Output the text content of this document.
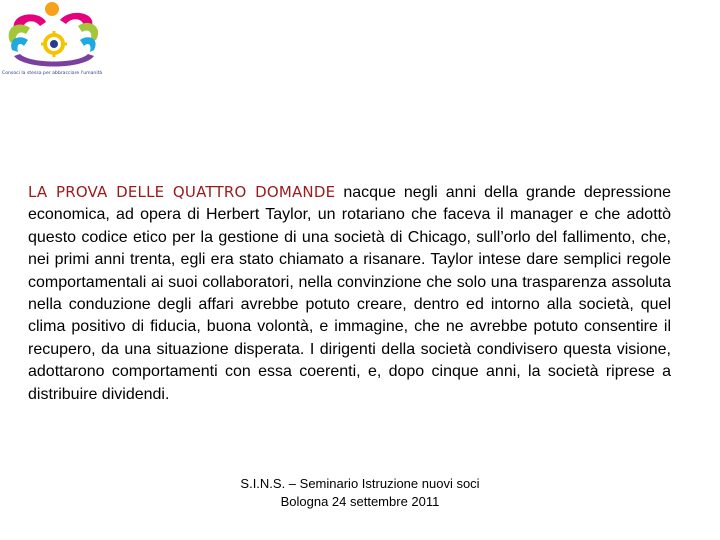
Consoci la stessa per abbracciare l'umanità

LA PROVA DELLE QUATTRO DOMANDE nacque negli anni della grande depressione economica, ad opera di Herbert Taylor, un rotariano che faceva il manager e che adottò questo codice etico per la gestione di una società di Chicago, sull’orlo del fallimento, che, nei primi anni trenta, egli era stato chiamato a risanare. Taylor intese dare semplici regole comportamentali ai suoi collaboratori, nella convinzione che solo una trasparenza assoluta nella conduzione degli affari avrebbe potuto creare, dentro ed intorno alla società, quel clima positivo di fiducia, buona volontà, e immagine, che ne avrebbe potuto consentire il recupero, da una situazione disperata. I dirigenti della società condivisero questa visione, adottarono comportamenti con essa coerenti, e, dopo cinque anni, la società riprese a distribuire dividendi.

S.I.N.S. – Seminario Istruzione nuovi soci
Bologna 24 settembre 2011
